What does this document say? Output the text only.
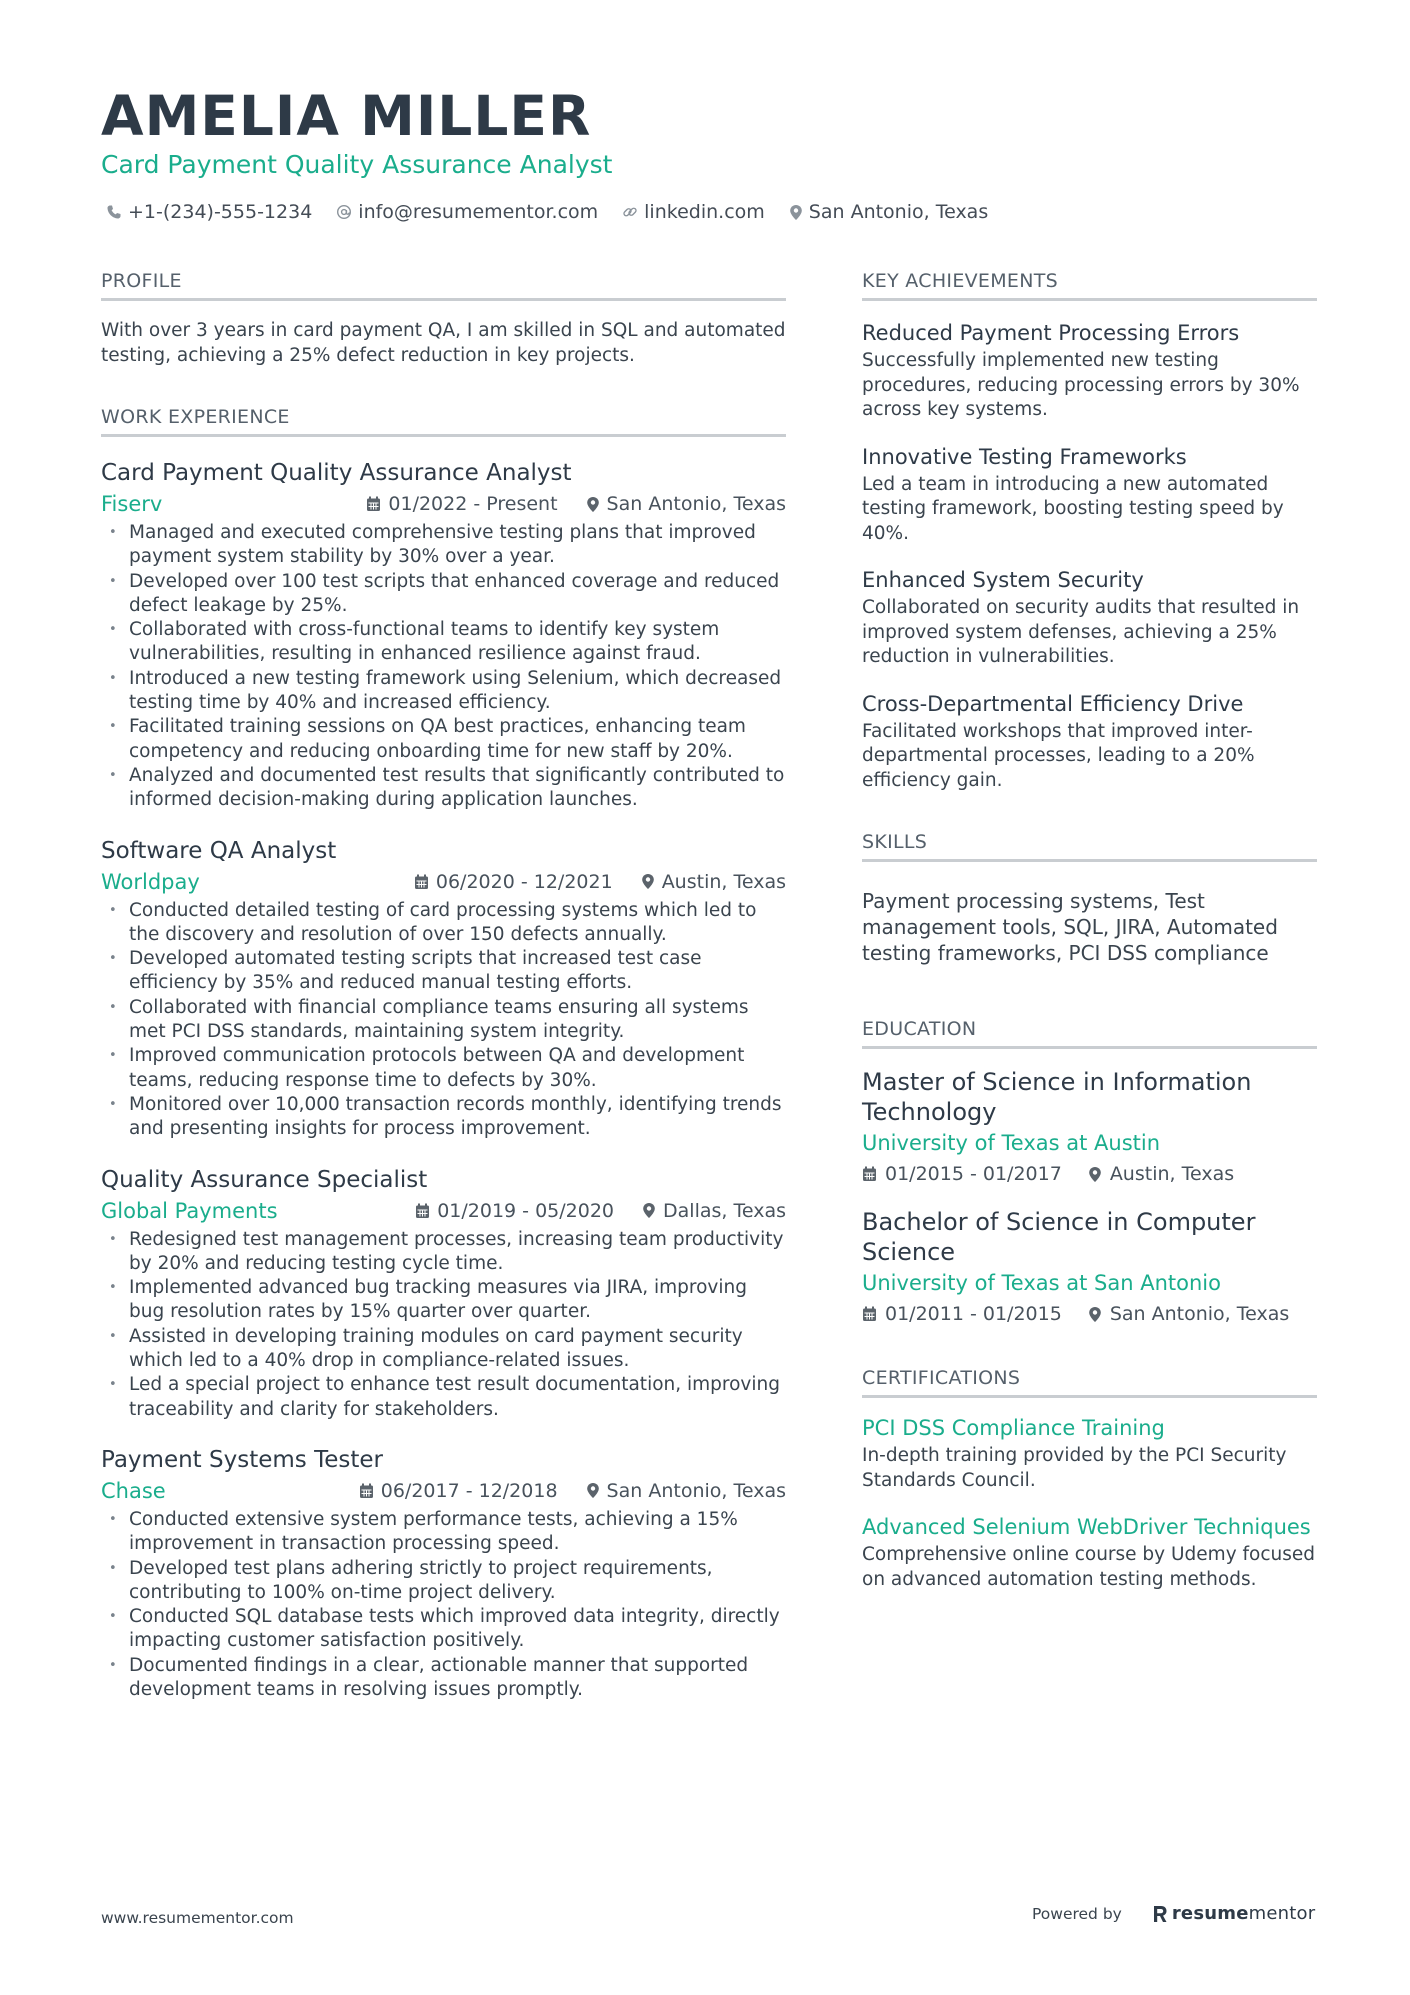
AMELIA MILLER
Card Payment Quality Assurance Analyst
+1-(234)-555-1234 info@resumementor.com linkedin.com San Antonio, Texas
PROFILE
With over 3 years in card payment QA, I am skilled in SQL and automated testing, achieving a 25% defect reduction in key projects.
WORK EXPERIENCE
Card Payment Quality Assurance Analyst
Fiserv	01/2022 - Present	San Antonio, Texas
• Managed and executed comprehensive testing plans that improved payment system stability by 30% over a year.
• Developed over 100 test scripts that enhanced coverage and reduced defect leakage by 25%.
• Collaborated with cross-functional teams to identify key system vulnerabilities, resulting in enhanced resilience against fraud.
• Introduced a new testing framework using Selenium, which decreased testing time by 40% and increased efficiency.
• Facilitated training sessions on QA best practices, enhancing team competency and reducing onboarding time for new staff by 20%.
• Analyzed and documented test results that significantly contributed to informed decision-making during application launches.
Software QA Analyst
Worldpay	06/2020 - 12/2021	Austin, Texas
• Conducted detailed testing of card processing systems which led to the discovery and resolution of over 150 defects annually.
• Developed automated testing scripts that increased test case efficiency by 35% and reduced manual testing efforts.
• Collaborated with financial compliance teams ensuring all systems met PCI DSS standards, maintaining system integrity.
• Improved communication protocols between QA and development teams, reducing response time to defects by 30%.
• Monitored over 10,000 transaction records monthly, identifying trends and presenting insights for process improvement.
Quality Assurance Specialist
Global Payments	01/2019 - 05/2020	Dallas, Texas
• Redesigned test management processes, increasing team productivity by 20% and reducing testing cycle time.
• Implemented advanced bug tracking measures via JIRA, improving bug resolution rates by 15% quarter over quarter.
• Assisted in developing training modules on card payment security which led to a 40% drop in compliance-related issues.
• Led a special project to enhance test result documentation, improving traceability and clarity for stakeholders.
Payment Systems Tester
Chase	06/2017 - 12/2018	San Antonio, Texas
• Conducted extensive system performance tests, achieving a 15% improvement in transaction processing speed.
• Developed test plans adhering strictly to project requirements, contributing to 100% on-time project delivery.
• Conducted SQL database tests which improved data integrity, directly impacting customer satisfaction positively.
• Documented findings in a clear, actionable manner that supported development teams in resolving issues promptly.
KEY ACHIEVEMENTS
Reduced Payment Processing Errors
Successfully implemented new testing procedures, reducing processing errors by 30% across key systems.
Innovative Testing Frameworks
Led a team in introducing a new automated testing framework, boosting testing speed by 40%.
Enhanced System Security
Collaborated on security audits that resulted in improved system defenses, achieving a 25% reduction in vulnerabilities.
Cross-Departmental Efficiency Drive
Facilitated workshops that improved inter-departmental processes, leading to a 20% efficiency gain.
SKILLS
Payment processing systems, Test management tools, SQL, JIRA, Automated testing frameworks, PCI DSS compliance
EDUCATION
Master of Science in Information Technology
University of Texas at Austin
01/2015 - 01/2017	Austin, Texas
Bachelor of Science in Computer Science
University of Texas at San Antonio
01/2011 - 01/2015	San Antonio, Texas
CERTIFICATIONS
PCI DSS Compliance Training
In-depth training provided by the PCI Security Standards Council.
Advanced Selenium WebDriver Techniques
Comprehensive online course by Udemy focused on advanced automation testing methods.
www.resumementor.com	Powered by	resume mentor
